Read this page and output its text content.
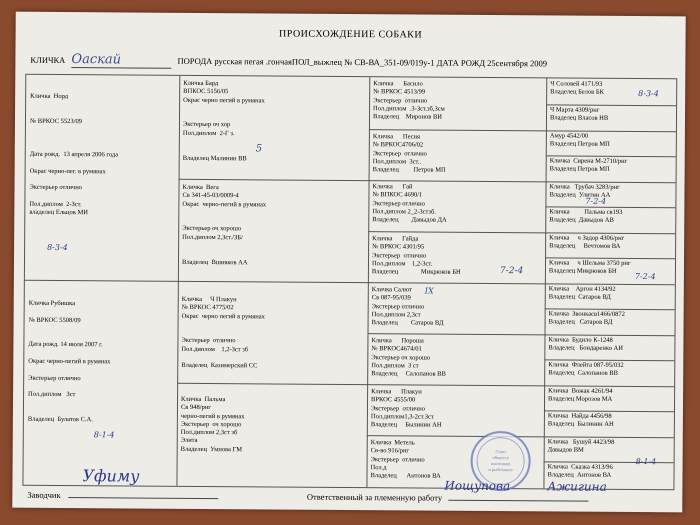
ПРОИСХОЖДЕНИЕ СОБАКИ
КЛИЧКА Оаскай	ПОРОДА русская пегая .гончаяПОЛ_выжлец № СВ-ВА_351-09/019у-1 ДАТА РОЖД 25сентября 2009
Кличка  Норд

№ ВРКОС 5523/09

Дата рожд.  13 апреля 2006 года

Окрас черно-пег. в румянах

Экстерьер отлично

Пол.диплом  2-Зст.
владелец Ельцов МИ
Кличка Рубишка

№ ВРКОС 5508/09

Дата рожд. 14 июля 2007 г.

Окрас черно-пегий в румянах

Экстерьер отлично

Пол.диплом   3ст

Владелец  Булатов С.А.
Кличка Бард
ВПКОС 5156/05
Окрас черно пегий в румянах

Экстерьер оч хор
Пол.диплом  2-Г з.

Владелец Малинин ВВ
Кличка  Вега
Св 341-45-03/0009-4
Окрас  черно-пегий в румянах

Экстерьер оч хорошо
Пол.диплом 2,3ст./ЗБ/

Владелец  Вшивков АА
Кличка     Ч Плакун
№ ВРКОС 4775/02
Окрас  черно пегий в румянах

Экстерьер  отлично
Пол.диплом    1,2-3ст зб

Владелец  Казимерский СС
Кличка  Пальма
Св 948/рнг
черно-пегий в румянах
Экстерьер  оч хорошо
Пол.диплом 2,3ст зб
Элита
Владелец  Умнова ГМ
Кличка      Басило
№ ВРКОС 4513/99
Экстерьер  отлично
Пол.диплом  .3-Зст.зб,3см
Владелец    Миронов ВИ
Кличка      Песня
№ ВРКОС4706/02
Экстерьер  отлично
Пол.диплом  3ст..
Владелец         Петров МП
Кличка      Гай
№ ВПКОС 4690/1
Экстерьер отлично
Пол.диплом 2_2-3стзб.
Владелец        Давыдов ДА
Кличка      Гайда
№ ВРКОС 4301/95
Экстерьер  отлично
Пол.диплом    1,2-3ст.
Владелец              Микрюков БН
Кличка Салют
Св 087-95/039
Экстерьер отлично
Пол.диплом 2,3ст
Владелец        Сатаров ВД
Кличка      Пороша
№ ВРКОС4674/01
Экстерьер оч хорошо
Пол.диплом  3 ст
Владелец     Салопанов ВВ
Кличка      Плакун
ВРКОС 4555/00
Экстерьер  отлично
Пол.диплом1,3-2ст.3ст
Владелец     Былинин АН
Кличка  Метель
Св-во 916/рнг
Экстерьер  отлично
Пол.д
Владелец      Антонов ВА
Ч Соловей 4171/93
Владелец Белов БК
Ч Марта 4309/рнг
Владелец Власов НВ
Амур 4542/00
Владелец Петров МП
Кличка  Сирена М-2710/рнг
Владелец Петров МП
Кличка   Трубач 3283/рнг
Владелец  Улитин АА
Кличка         Пальма св193
Владелец  Давыдов АВ
Кличка     ч Задор 4306/рнг
Владелец     Вечтомов ВА
Кличка     ч Шельма 3750 рнг
Владелец Микрюков БН
Кличка    Аргон 4134/92
Владелец  Сатаров ВД
Кличка  Звонкасв1466/0872
Владелец   Сатаров ВД
Кличка  Будило К-1248
Владелец   Бондаренко АИ
Кличка  Флейта 087-95/032
Владелец  Салопанов ВВ
Кличка  Вожак 4261/94
Владелец Морозов МА
Кличка  Найда 4456/98
Владелец  Былинин АН
Кличка   Бушуй 4423/98
Давыдов ВМ
Кличка  Сказка 4313/96
Владелец  Антонов ВА
8-3-4
8-1-4
5
7-2-4
7-2-4
8-3-4
7-2-4
8-1-4
IX
Союз
обществ
охотников
и рыболовов
Заводчик	Ответственный за племенную работу
Уфиму
Иощупова	Ажигина
